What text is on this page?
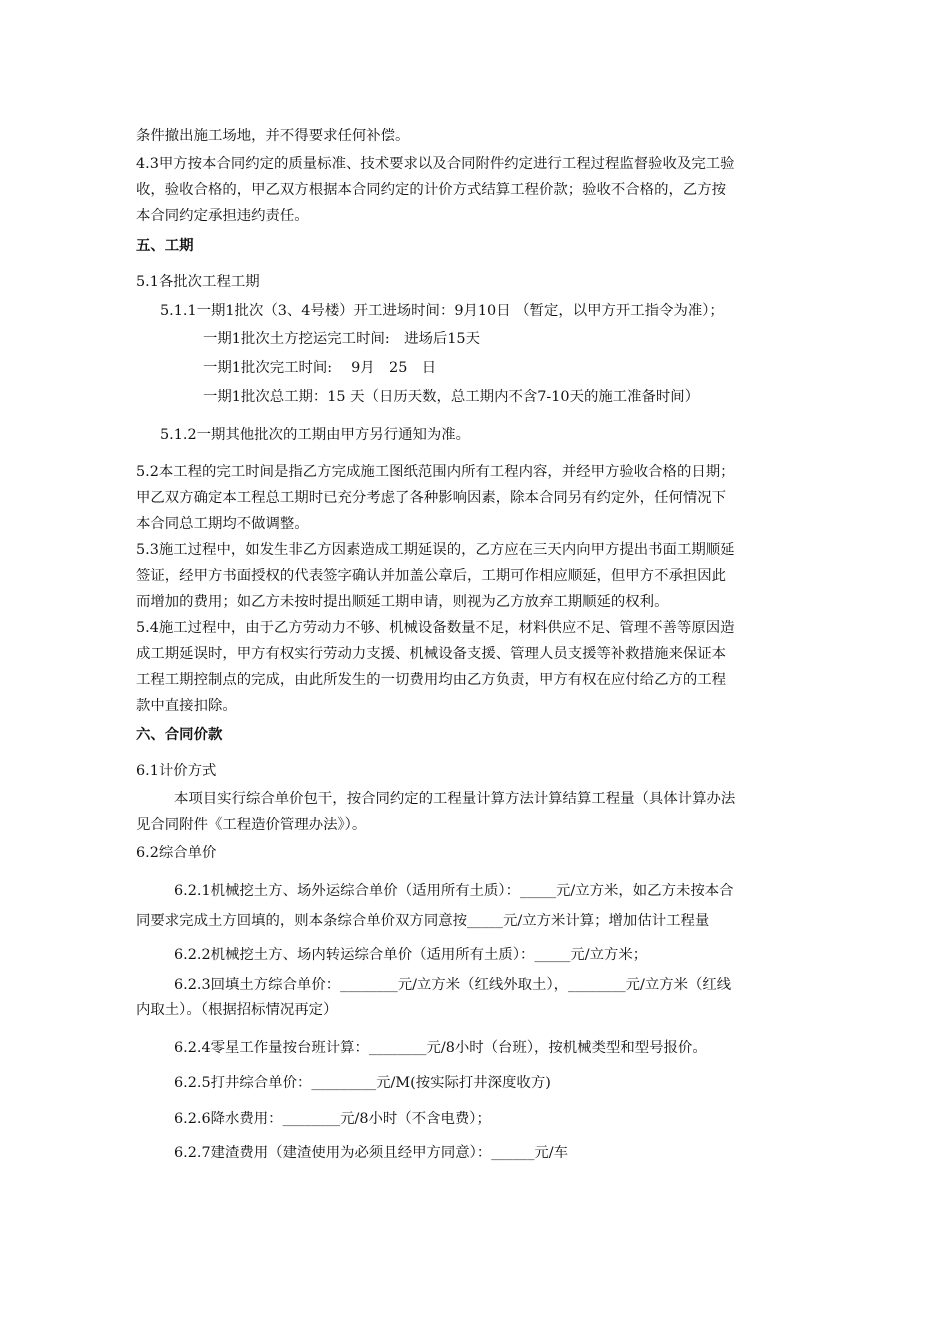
条件撤出施工场地，并不得要求任何补偿。
4.3甲方按本合同约定的质量标准、技术要求以及合同附件约定进行工程过程监督验收及完工验
收，验收合格的，甲乙双方根据本合同约定的计价方式结算工程价款；验收不合格的，乙方按
本合同约定承担违约责任。
五、工期
5.1各批次工程工期
5.1.1一期1批次（3、4号楼）开工进场时间：9月10日 （暂定，以甲方开工指令为准）；
一期1批次土方挖运完工时间:　进场后15天
一期1批次完工时间:　 9月　25　日
一期1批次总工期：15 天（日历天数，总工期内不含7-10天的施工准备时间）
5.1.2一期其他批次的工期由甲方另行通知为准。
5.2本工程的完工时间是指乙方完成施工图纸范围内所有工程内容，并经甲方验收合格的日期；
甲乙双方确定本工程总工期时已充分考虑了各种影响因素，除本合同另有约定外，任何情况下
本合同总工期均不做调整。
5.3施工过程中，如发生非乙方因素造成工期延误的，乙方应在三天内向甲方提出书面工期顺延
签证，经甲方书面授权的代表签字确认并加盖公章后，工期可作相应顺延，但甲方不承担因此
而增加的费用；如乙方未按时提出顺延工期申请，则视为乙方放弃工期顺延的权利。
5.4施工过程中，由于乙方劳动力不够、机械设备数量不足，材料供应不足、管理不善等原因造
成工期延误时，甲方有权实行劳动力支援、机械设备支援、管理人员支援等补救措施来保证本
工程工期控制点的完成，由此所发生的一切费用均由乙方负责，甲方有权在应付给乙方的工程
款中直接扣除。
六、合同价款
6.1计价方式
本项目实行综合单价包干，按合同约定的工程量计算方法计算结算工程量（具体计算办法
见合同附件《工程造价管理办法》）。
6.2综合单价
6.2.1机械挖土方、场外运综合单价（适用所有土质）：_____元/立方米，如乙方未按本合
同要求完成土方回填的，则本条综合单价双方同意按_____元/立方米计算；增加估计工程量
6.2.2机械挖土方、场内转运综合单价（适用所有土质）：_____元/立方米；
6.2.3回填土方综合单价：________元/立方米（红线外取土），________元/立方米（红线
内取土）。（根据招标情况再定）
6.2.4零星工作量按台班计算：________元/8小时（台班），按机械类型和型号报价。
6.2.5打井综合单价：_________元/M(按实际打井深度收方)
6.2.6降水费用：________元/8小时（不含电费）；
6.2.7建渣费用（建渣使用为必须且经甲方同意）：______元/车
